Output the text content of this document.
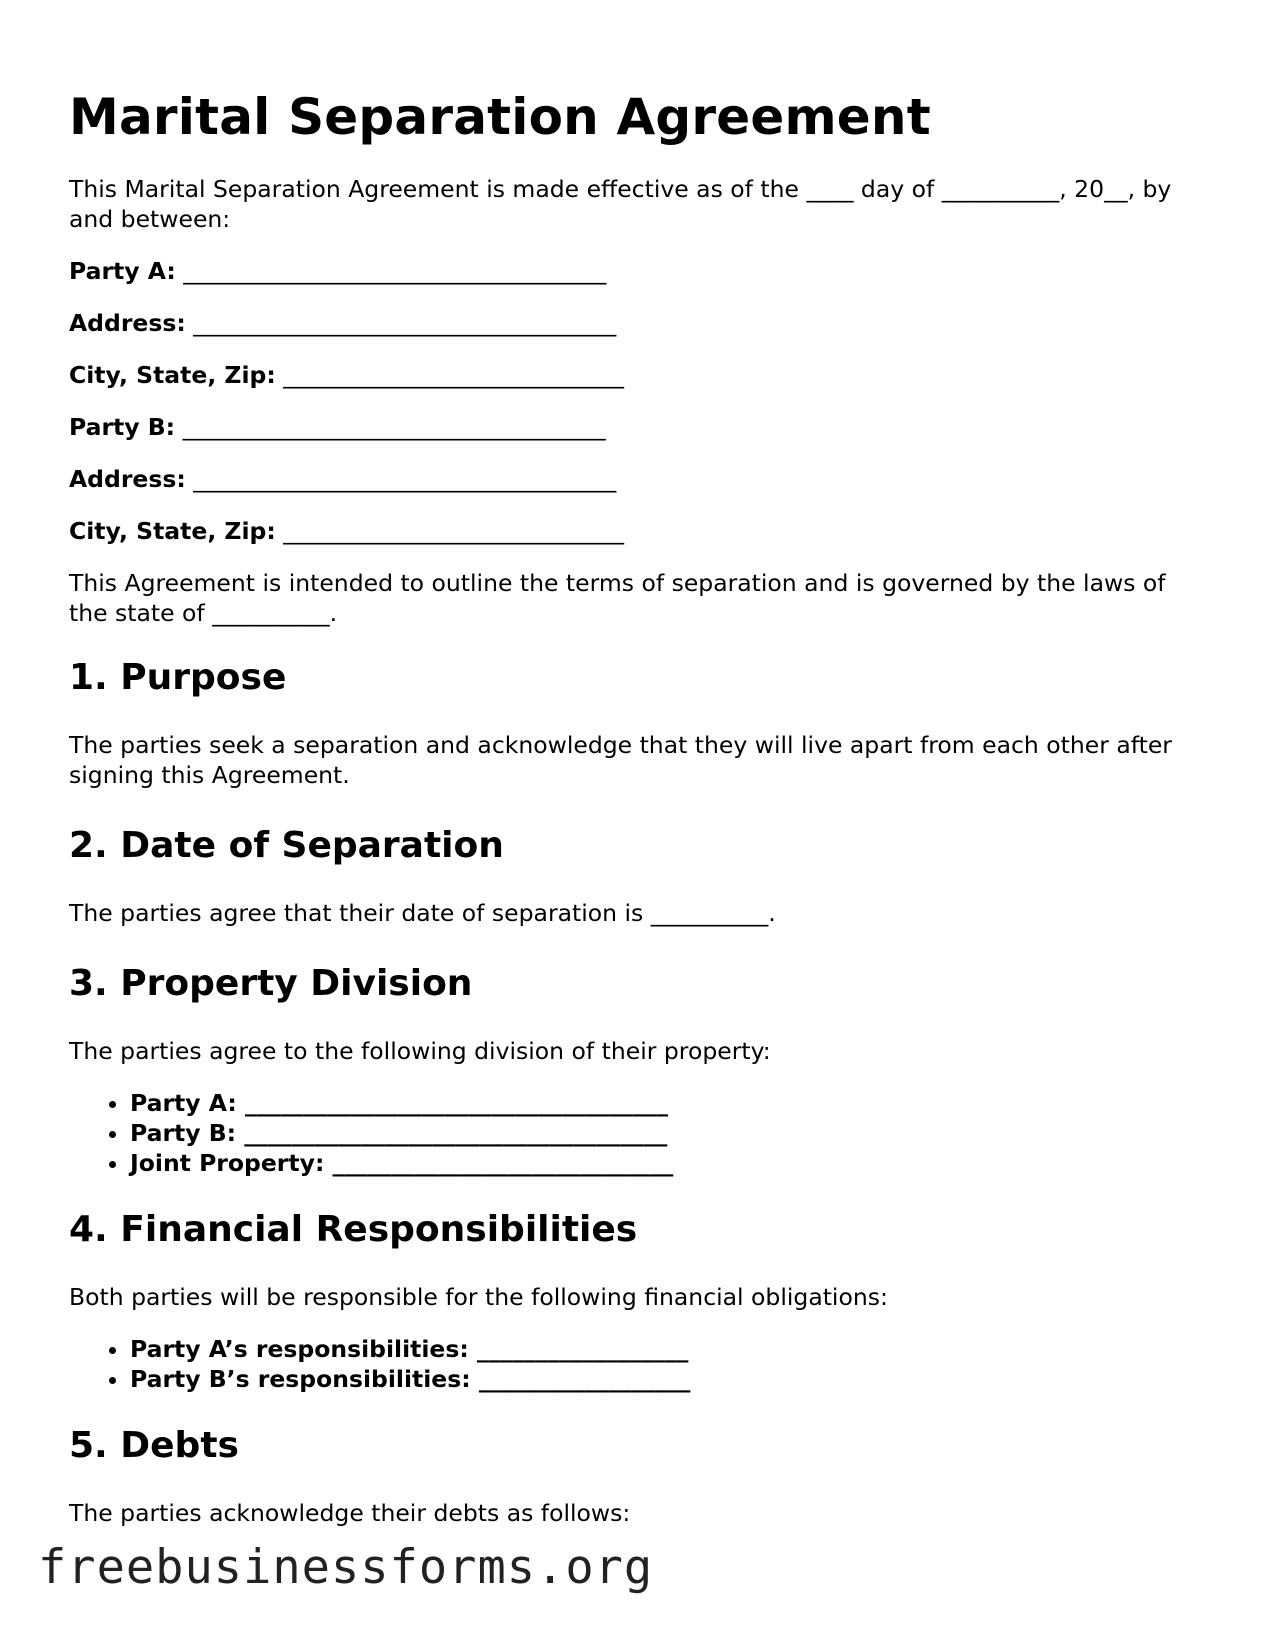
Marital Separation Agreement

This Marital Separation Agreement is made effective as of the ____ day of __________, 20__, by and between:

Party A: ____________________________________
Address: ____________________________________
City, State, Zip: _____________________________
Party B: ____________________________________
Address: ____________________________________
City, State, Zip: _____________________________

This Agreement is intended to outline the terms of separation and is governed by the laws of the state of __________.

1. Purpose

The parties seek a separation and acknowledge that they will live apart from each other after signing this Agreement.

2. Date of Separation

The parties agree that their date of separation is __________.

3. Property Division

The parties agree to the following division of their property:

• Party A: ____________________________________
• Party B: ____________________________________
• Joint Property: _____________________________
4. Financial Responsibilities

Both parties will be responsible for the following financial obligations:

• Party A’s responsibilities: __________________
• Party B’s responsibilities: __________________
5. Debts

The parties acknowledge their debts as follows:

freebusinessforms.org
